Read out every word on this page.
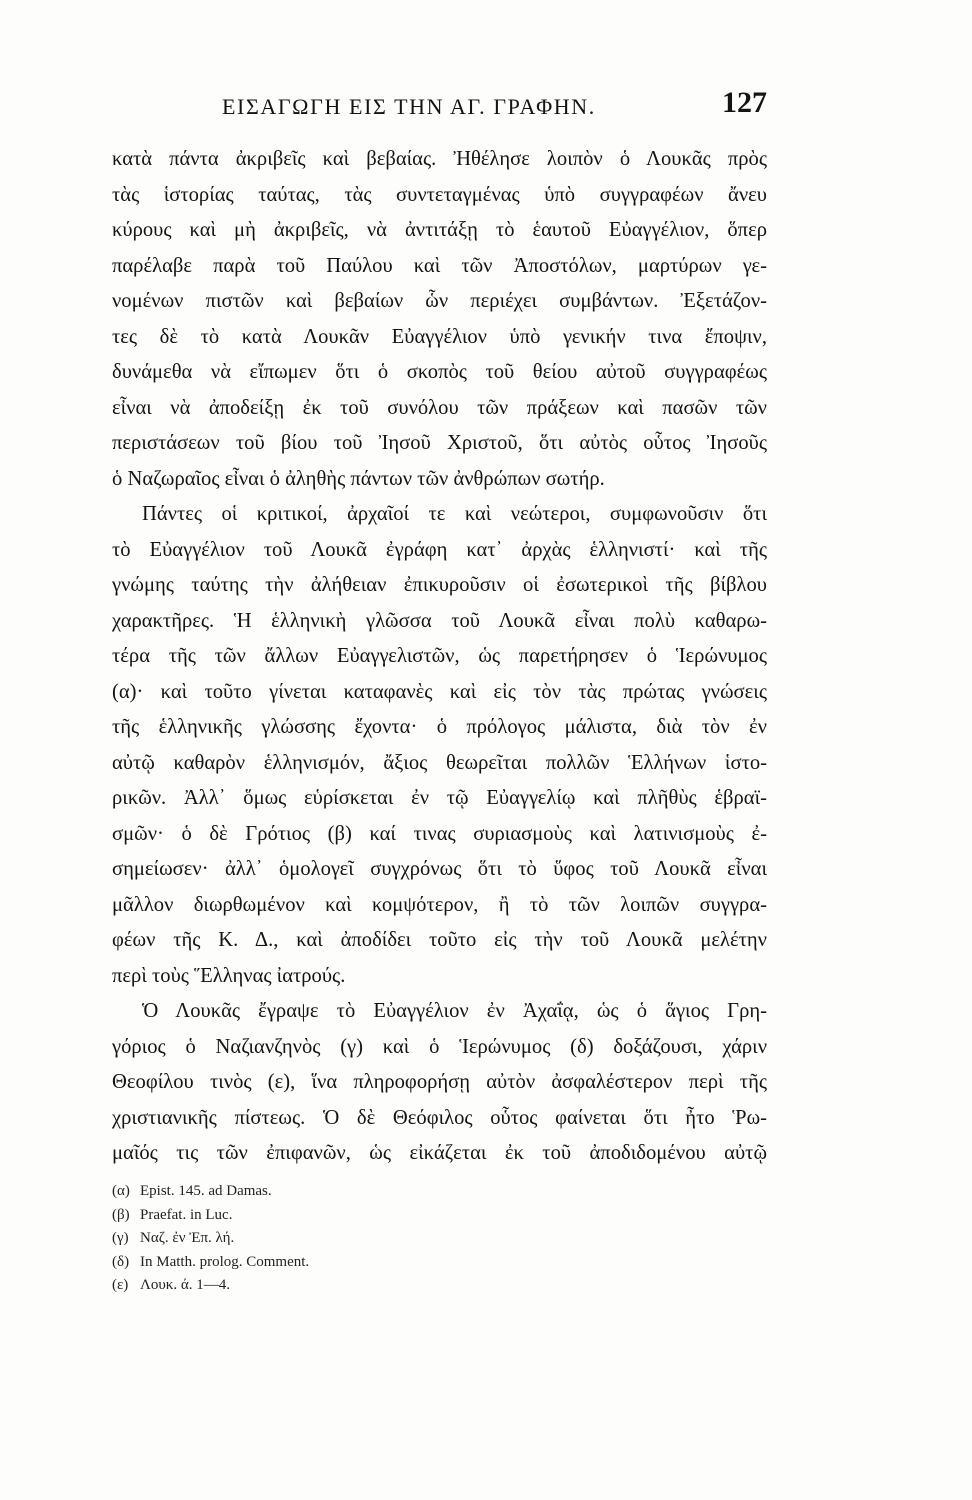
ΕΙΣΑΓΩΓΗ ΕΙΣ ΤΗΝ ΑΓ. ΓΡΑΦΗΝ.	127
κατὰ πάντα ἀκριβεῖς καὶ βεβαίας. Ἠθέλησε λοιπὸν ὁ Λουκᾶς πρὸς
τὰς ἱστορίας ταύτας, τὰς συντεταγμένας ὑπὸ συγγραφέων ἄνευ
κύρους καὶ μὴ ἀκριβεῖς, νὰ ἀντιτάξῃ τὸ ἑαυτοῦ Εὐαγγέλιον, ὅπερ
παρέλαβε παρὰ τοῦ Παύλου καὶ τῶν Ἀποστόλων, μαρτύρων γε-
νομένων πιστῶν καὶ βεβαίων ὧν περιέχει συμβάντων. Ἐξετάζον-
τες δὲ τὸ κατὰ Λουκᾶν Εὐαγγέλιον ὑπὸ γενικήν τινα ἔποψιν,
δυνάμεθα νὰ εἴπωμεν ὅτι ὁ σκοπὸς τοῦ θείου αὐτοῦ συγγραφέως
εἶναι νὰ ἀποδείξῃ ἐκ τοῦ συνόλου τῶν πράξεων καὶ πασῶν τῶν
περιστάσεων τοῦ βίου τοῦ Ἰησοῦ Χριστοῦ, ὅτι αὐτὸς οὗτος Ἰησοῦς
ὁ Ναζωραῖος εἶναι ὁ ἀληθὴς πάντων τῶν ἀνθρώπων σωτήρ.
Πάντες οἱ κριτικοί, ἀρχαῖοί τε καὶ νεώτεροι, συμφωνοῦσιν ὅτι
τὸ Εὐαγγέλιον τοῦ Λουκᾶ ἐγράφη κατ᾽ ἀρχὰς ἑλληνιστί· καὶ τῆς
γνώμης ταύτης τὴν ἀλήθειαν ἐπικυροῦσιν οἱ ἐσωτερικοὶ τῆς βίβλου
χαρακτῆρες. Ἡ ἑλληνικὴ γλῶσσα τοῦ Λουκᾶ εἶναι πολὺ καθαρω-
τέρα τῆς τῶν ἄλλων Εὐαγγελιστῶν, ὡς παρετήρησεν ὁ Ἱερώνυμος
(α)· καὶ τοῦτο γίνεται καταφανὲς καὶ εἰς τὸν τὰς πρώτας γνώσεις
τῆς ἑλληνικῆς γλώσσης ἔχοντα· ὁ πρόλογος μάλιστα, διὰ τὸν ἐν
αὐτῷ καθαρὸν ἑλληνισμόν, ἄξιος θεωρεῖται πολλῶν Ἑλλήνων ἱστο-
ρικῶν. Ἀλλ᾽ ὅμως εὑρίσκεται ἐν τῷ Εὐαγγελίῳ καὶ πλῆθὺς ἑβραϊ-
σμῶν· ὁ δὲ Γρότιος (β) καί τινας συριασμοὺς καὶ λατινισμοὺς ἐ-
σημείωσεν· ἀλλ᾽ ὁμολογεῖ συγχρόνως ὅτι τὸ ὕφος τοῦ Λουκᾶ εἶναι
μᾶλλον διωρθωμένον καὶ κομψότερον, ἢ τὸ τῶν λοιπῶν συγγρα-
φέων τῆς Κ. Δ., καὶ ἀποδίδει τοῦτο εἰς τὴν τοῦ Λουκᾶ μελέτην
περὶ τοὺς Ἕλληνας ἰατρούς.
Ὁ Λουκᾶς ἔγραψε τὸ Εὐαγγέλιον ἐν Ἀχαΐᾳ, ὡς ὁ ἅγιος Γρη-
γόριος ὁ Ναζιανζηνὸς (γ) καὶ ὁ Ἱερώνυμος (δ) δοξάζουσι, χάριν
Θεοφίλου τινὸς (ε), ἵνα πληροφορήσῃ αὐτὸν ἀσφαλέστερον περὶ τῆς
χριστιανικῆς πίστεως. Ὁ δὲ Θεόφιλος οὗτος φαίνεται ὅτι ἦτο Ῥω-
μαῖός τις τῶν ἐπιφανῶν, ὡς εἰκάζεται ἐκ τοῦ ἀποδιδομένου αὐτῷ
(α) Epist. 145. ad Damas.
(β) Praefat. in Luc.
(γ) Ναζ. ἐν Ἐπ. λή.
(δ) In Matth. prolog. Comment.
(ε) Λουκ. ά. 1—4.
